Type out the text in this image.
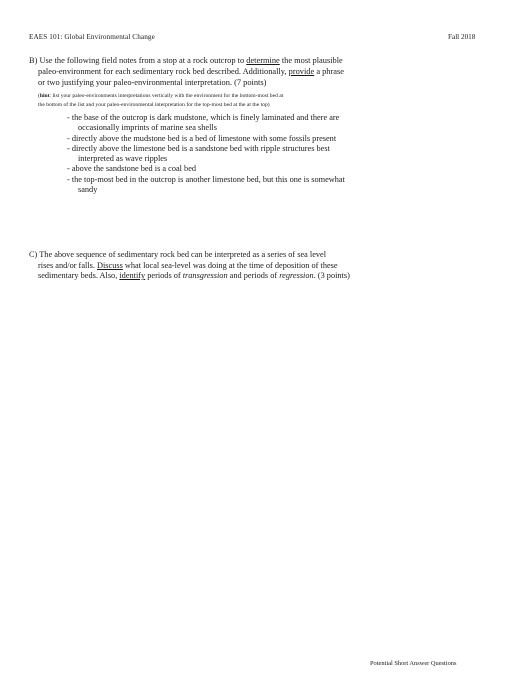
EAES 101: Global Environmental Change	Fall 2018
B) Use the following field notes from a stop at a rock outcrop to determine the most plausible
paleo-environment for each sedimentary rock bed described. Additionally, provide a phrase
or two justifying your paleo-environmental interpretation. (7 points)
(hint: list your paleo-environments interpretations vertically with the environment for the bottom-most bed at
the bottom of the list and your paleo-environmental interpretation for the top-most bed at the at the top)
- the base of the outcrop is dark mudstone, which is finely laminated and there are
occasionally imprints of marine sea shells
- directly above the mudstone bed is a bed of limestone with some fossils present
- directly above the limestone bed is a sandstone bed with ripple structures best
interpreted as wave ripples
- above the sandstone bed is a coal bed
- the top-most bed in the outcrop is another limestone bed, but this one is somewhat
sandy
C) The above sequence of sedimentary rock bed can be interpreted as a series of sea level
rises and/or falls. Discuss what local sea-level was doing at the time of deposition of these
sedimentary beds. Also, identify periods of transgression and periods of regression. (3 points)
Potential Short Answer Questions
